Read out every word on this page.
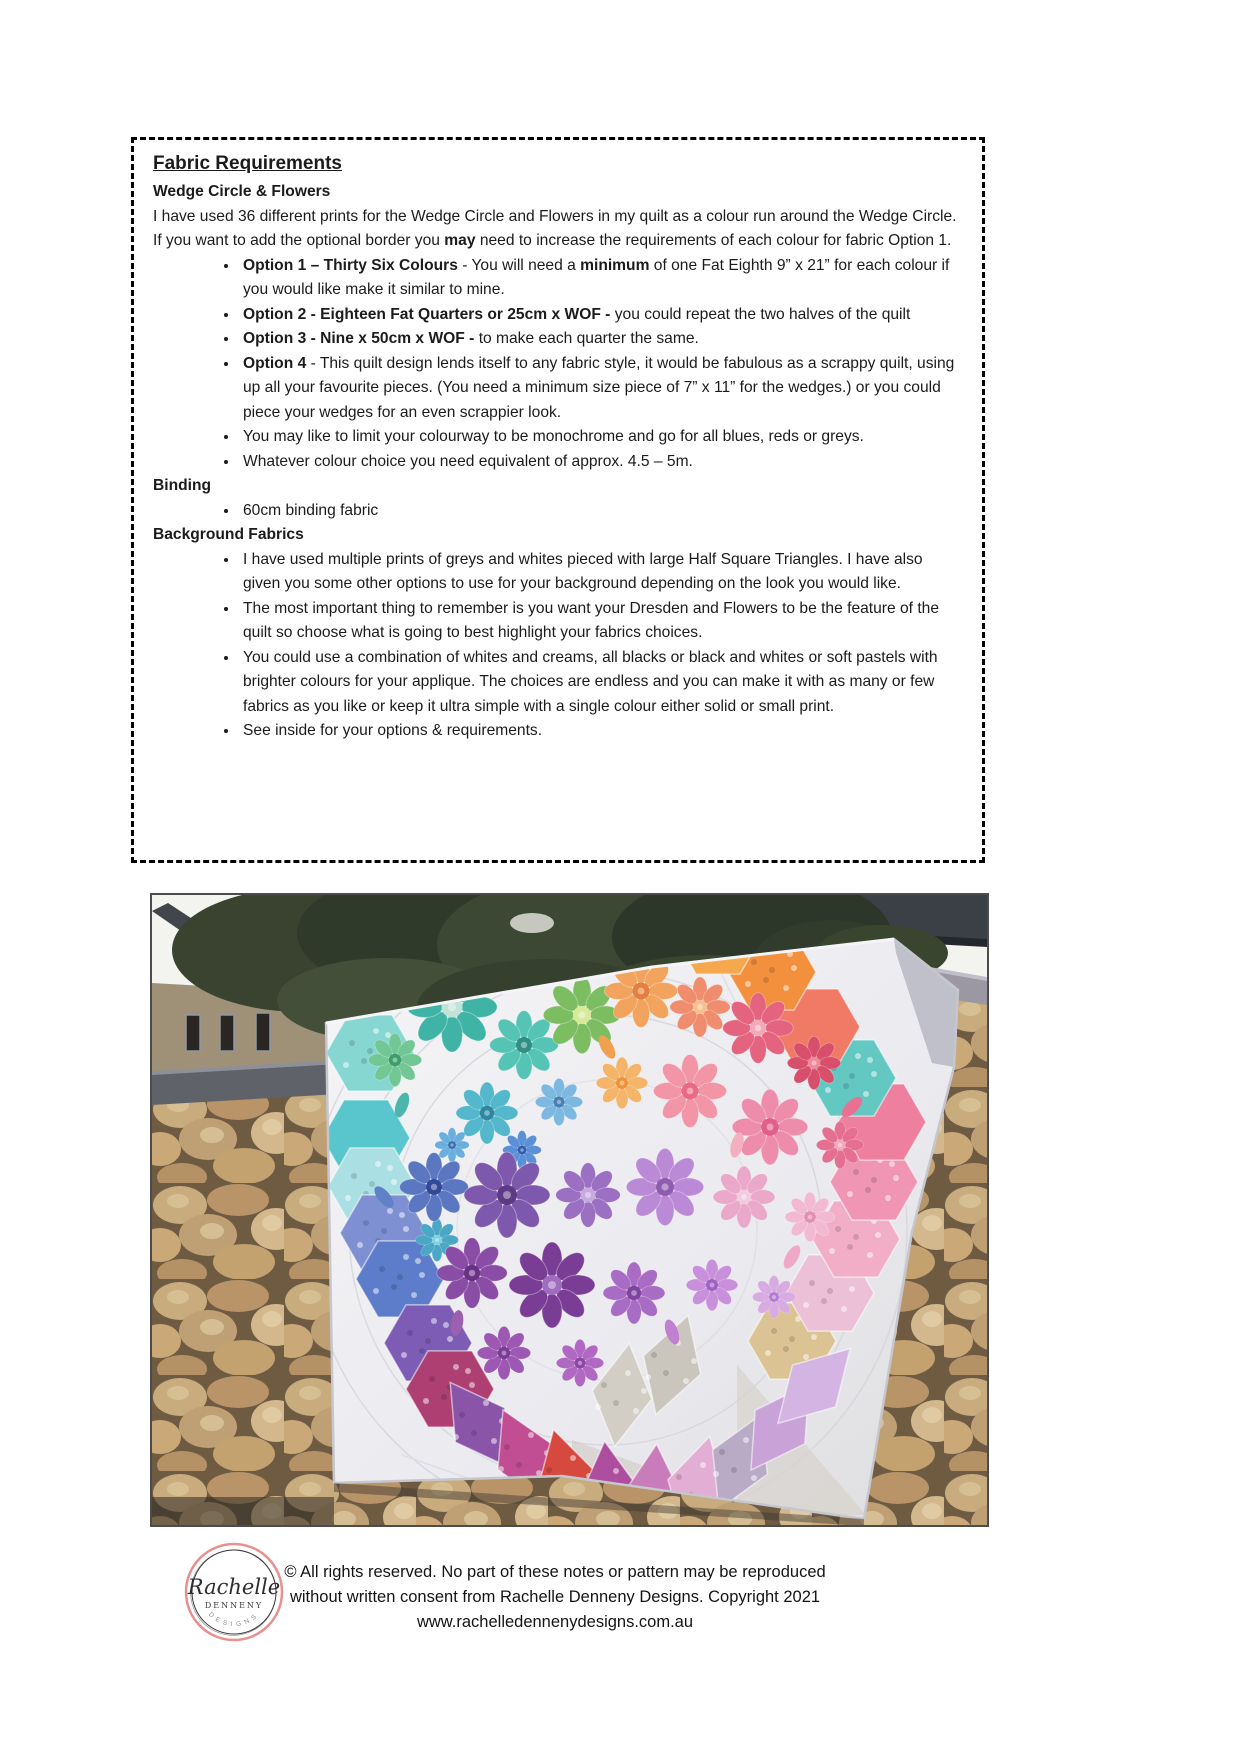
Fabric Requirements

Wedge Circle & Flowers

I have used 36 different prints for the Wedge Circle and Flowers in my quilt as a colour run around the Wedge Circle.

If you want to add the optional border you may need to increase the requirements of each colour for fabric Option 1.

• Option 1 – Thirty Six Colours - You will need a minimum of one Fat Eighth 9” x 21” for each colour if you would like make it similar to mine.
• Option 2 - Eighteen Fat Quarters or 25cm x WOF - you could repeat the two halves of the quilt
• Option 3 - Nine x 50cm x WOF - to make each quarter the same.
• Option 4 - This quilt design lends itself to any fabric style, it would be fabulous as a scrappy quilt, using up all your favourite pieces. (You need a minimum size piece of 7” x 11” for the wedges.) or you could piece your wedges for an even scrappier look.
• You may like to limit your colourway to be monochrome and go for all blues, reds or greys.
• Whatever colour choice you need equivalent of approx. 4.5 – 5m.

Binding

• 60cm binding fabric

Background Fabrics

• I have used multiple prints of greys and whites pieced with large Half Square Triangles. I have also given you some other options to use for your background depending on the look you would like.
• The most important thing to remember is you want your Dresden and Flowers to be the feature of the quilt so choose what is going to best highlight your fabrics choices.
• You could use a combination of whites and creams, all blacks or black and whites or soft pastels with brighter colours for your applique. The choices are endless and you can make it with as many or few fabrics as you like or keep it ultra simple with a single colour either solid or small print.
• See inside for your options & requirements.
Rachelle
DENNENY
DESIGNS
© All rights reserved. No part of these notes or pattern may be reproduced
without written consent from Rachelle Denneny Designs. Copyright 2021
www.rachelledennenydesigns.com.au
